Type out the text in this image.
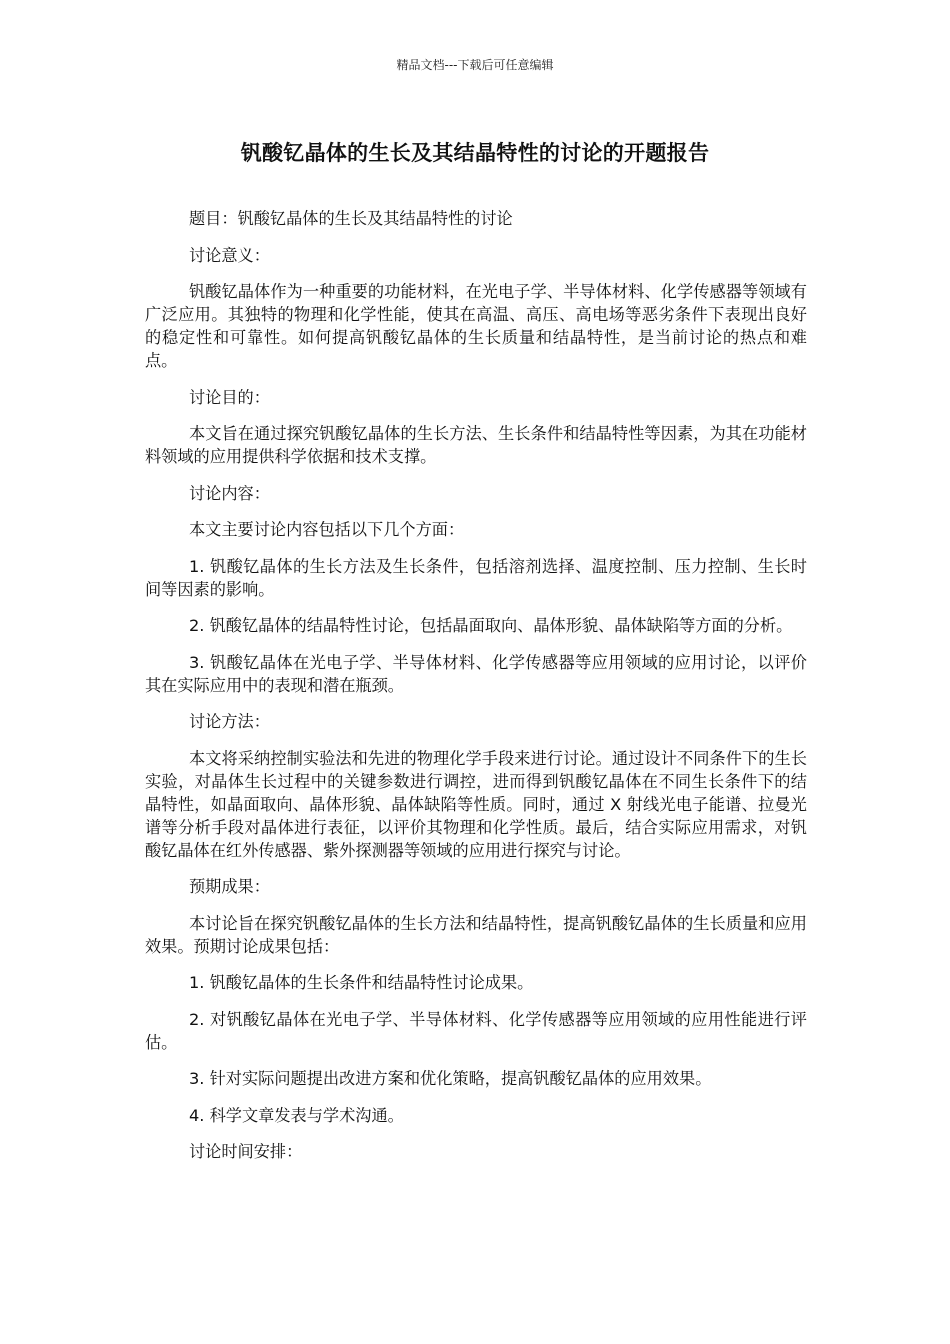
精品文档---下载后可任意编辑
钒酸钇晶体的生长及其结晶特性的讨论的开题报告

题目：钒酸钇晶体的生长及其结晶特性的讨论

讨论意义：

钒酸钇晶体作为一种重要的功能材料，在光电子学、半导体材料、化学传感器等领域有广泛应用。其独特的物理和化学性能，使其在高温、高压、高电场等恶劣条件下表现出良好的稳定性和可靠性。如何提高钒酸钇晶体的生长质量和结晶特性，是当前讨论的热点和难点。

讨论目的：

本文旨在通过探究钒酸钇晶体的生长方法、生长条件和结晶特性等因素，为其在功能材料领域的应用提供科学依据和技术支撑。

讨论内容：

本文主要讨论内容包括以下几个方面：

1. 钒酸钇晶体的生长方法及生长条件，包括溶剂选择、温度控制、压力控制、生长时间等因素的影响。

2. 钒酸钇晶体的结晶特性讨论，包括晶面取向、晶体形貌、晶体缺陷等方面的分析。

3. 钒酸钇晶体在光电子学、半导体材料、化学传感器等应用领域的应用讨论，以评价其在实际应用中的表现和潜在瓶颈。

讨论方法：

本文将采纳控制实验法和先进的物理化学手段来进行讨论。通过设计不同条件下的生长实验，对晶体生长过程中的关键参数进行调控，进而得到钒酸钇晶体在不同生长条件下的结晶特性，如晶面取向、晶体形貌、晶体缺陷等性质。同时，通过 X 射线光电子能谱、拉曼光谱等分析手段对晶体进行表征，以评价其物理和化学性质。最后，结合实际应用需求，对钒酸钇晶体在红外传感器、紫外探测器等领域的应用进行探究与讨论。

预期成果：

本讨论旨在探究钒酸钇晶体的生长方法和结晶特性，提高钒酸钇晶体的生长质量和应用效果。预期讨论成果包括：

1. 钒酸钇晶体的生长条件和结晶特性讨论成果。

2. 对钒酸钇晶体在光电子学、半导体材料、化学传感器等应用领域的应用性能进行评估。

3. 针对实际问题提出改进方案和优化策略，提高钒酸钇晶体的应用效果。

4. 科学文章发表与学术沟通。

讨论时间安排：
